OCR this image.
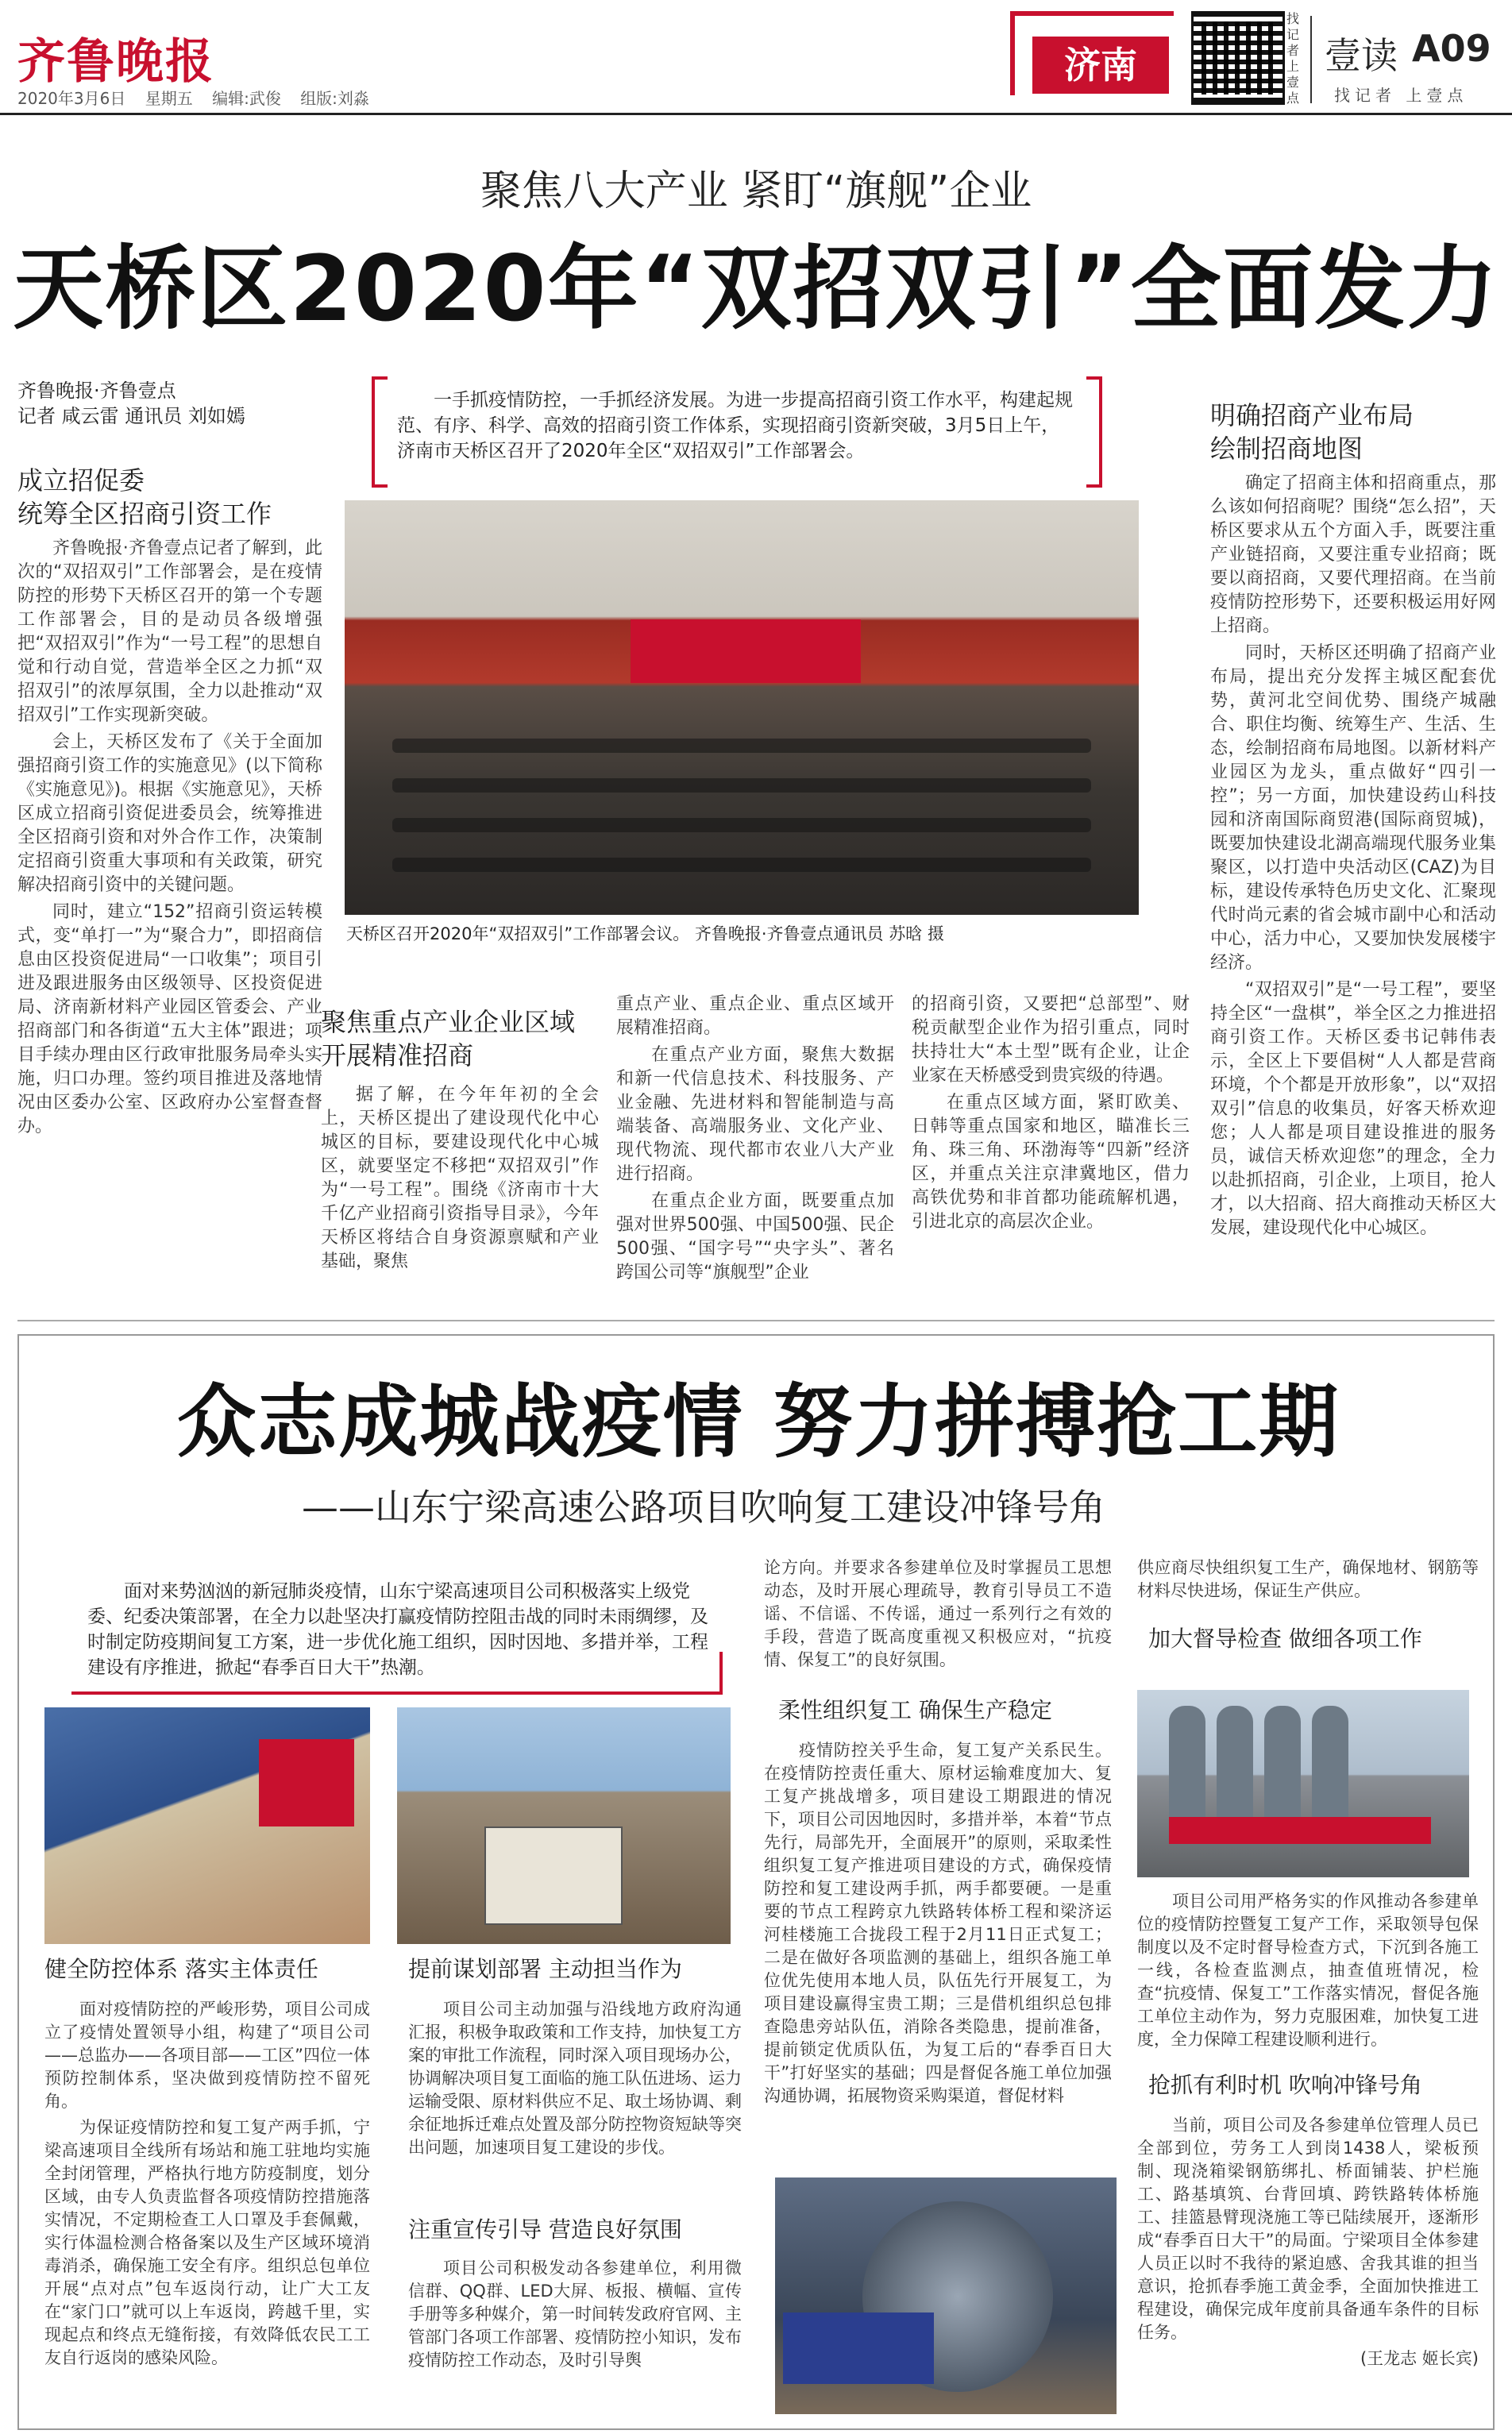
齐鲁晚报
2020年3月6日 星期五 编辑:武俊 组版:刘淼
济南
找记者上壹点
壹读 A09
找记者 上壹点
聚焦八大产业 紧盯“旗舰”企业
天桥区2020年“双招双引”全面发力
齐鲁晚报·齐鲁壹点
记者 咸云雷 通讯员 刘如嫣
一手抓疫情防控，一手抓经济发展。为进一步提高招商引资工作水平，构建起规范、有序、科学、高效的招商引资工作体系，实现招商引资新突破，3月5日上午，济南市天桥区召开了2020年全区“双招双引”工作部署会。
成立招促委
统筹全区招商引资工作

齐鲁晚报·齐鲁壹点记者了解到，此次的“双招双引”工作部署会，是在疫情防控的形势下天桥区召开的第一个专题工作部署会，目的是动员各级增强把“双招双引”作为“一号工程”的思想自觉和行动自觉，营造举全区之力抓“双招双引”的浓厚氛围，全力以赴推动“双招双引”工作实现新突破。

会上，天桥区发布了《关于全面加强招商引资工作的实施意见》(以下简称《实施意见》)。根据《实施意见》，天桥区成立招商引资促进委员会，统筹推进全区招商引资和对外合作工作，决策制定招商引资重大事项和有关政策，研究解决招商引资中的关键问题。

同时，建立“152”招商引资运转模式，变“单打一”为“聚合力”，即招商信息由区投资促进局“一口收集”；项目引进及跟进服务由区级领导、区投资促进局、济南新材料产业园区管委会、产业招商部门和各街道“五大主体”跟进；项目手续办理由区行政审批服务局牵头实施，归口办理。签约项目推进及落地情况由区委办公室、区政府办公室督查督办。

天桥区召开2020年“双招双引”工作部署会议。 齐鲁晚报·齐鲁壹点通讯员 苏晗 摄
聚焦重点产业企业区域
开展精准招商

据了解，在今年年初的全会上，天桥区提出了建设现代化中心城区的目标，要建设现代化中心城区，就要坚定不移把“双招双引”作为“一号工程”。围绕《济南市十大千亿产业招商引资指导目录》，今年天桥区将结合自身资源禀赋和产业基础，聚焦

重点产业、重点企业、重点区域开展精准招商。

在重点产业方面，聚焦大数据和新一代信息技术、科技服务、产业金融、先进材料和智能制造与高端装备、高端服务业、文化产业、现代物流、现代都市农业八大产业进行招商。

在重点企业方面，既要重点加强对世界500强、中国500强、民企500强、“国字号”“央字头”、著名跨国公司等“旗舰型”企业

的招商引资，又要把“总部型”、财税贡献型企业作为招引重点，同时扶持壮大“本土型”既有企业，让企业家在天桥感受到贵宾级的待遇。

在重点区域方面，紧盯欧美、日韩等重点国家和地区，瞄准长三角、珠三角、环渤海等“四新”经济区，并重点关注京津冀地区，借力高铁优势和非首都功能疏解机遇，引进北京的高层次企业。

明确招商产业布局
绘制招商地图

确定了招商主体和招商重点，那么该如何招商呢？围绕“怎么招”，天桥区要求从五个方面入手，既要注重产业链招商，又要注重专业招商；既要以商招商，又要代理招商。在当前疫情防控形势下，还要积极运用好网上招商。

同时，天桥区还明确了招商产业布局，提出充分发挥主城区配套优势，黄河北空间优势、围绕产城融合、职住均衡、统筹生产、生活、生态，绘制招商布局地图。以新材料产业园区为龙头，重点做好“四引一控”；另一方面，加快建设药山科技园和济南国际商贸港(国际商贸城)，既要加快建设北湖高端现代服务业集聚区，以打造中央活动区(CAZ)为目标，建设传承特色历史文化、汇聚现代时尚元素的省会城市副中心和活动中心，活力中心，又要加快发展楼宇经济。

“双招双引”是“一号工程”，要坚持全区“一盘棋”，举全区之力推进招商引资工作。天桥区委书记韩伟表示，全区上下要倡树“人人都是营商环境，个个都是开放形象”，以“双招双引”信息的收集员，好客天桥欢迎您；人人都是项目建设推进的服务员，诚信天桥欢迎您”的理念，全力以赴抓招商，引企业，上项目，抢人才，以大招商、招大商推动天桥区大发展，建设现代化中心城区。

众志成城战疫情 努力拼搏抢工期
——山东宁梁高速公路项目吹响复工建设冲锋号角
面对来势汹汹的新冠肺炎疫情，山东宁梁高速项目公司积极落实上级党委、纪委决策部署，在全力以赴坚决打赢疫情防控阻击战的同时未雨绸缪，及时制定防疫期间复工方案，进一步优化施工组织，因时因地、多措并举，工程建设有序推进，掀起“春季百日大干”热潮。
健全防控体系 落实主体责任

面对疫情防控的严峻形势，项目公司成立了疫情处置领导小组，构建了“项目公司——总监办——各项目部——工区”四位一体预防控制体系，坚决做到疫情防控不留死角。

为保证疫情防控和复工复产两手抓，宁梁高速项目全线所有场站和施工驻地均实施全封闭管理，严格执行地方防疫制度，划分区域，由专人负责监督各项疫情防控措施落实情况，不定期检查工人口罩及手套佩戴，实行体温检测合格备案以及生产区域环境消毒消杀，确保施工安全有序。组织总包单位开展“点对点”包车返岗行动，让广大工友在“家门口”就可以上车返岗，跨越千里，实现起点和终点无缝衔接，有效降低农民工工友自行返岗的感染风险。

提前谋划部署 主动担当作为

项目公司主动加强与沿线地方政府沟通汇报，积极争取政策和工作支持，加快复工方案的审批工作流程，同时深入项目现场办公，协调解决项目复工面临的施工队伍进场、运力运输受限、原材料供应不足、取土场协调、剩余征地拆迁难点处置及部分防控物资短缺等突出问题，加速项目复工建设的步伐。

注重宣传引导 营造良好氛围

项目公司积极发动各参建单位，利用微信群、QQ群、LED大屏、板报、横幅、宣传手册等多种媒介，第一时间转发政府官网、主管部门各项工作部署、疫情防控小知识，发布疫情防控工作动态，及时引导舆

论方向。并要求各参建单位及时掌握员工思想动态，及时开展心理疏导，教育引导员工不造谣、不信谣、不传谣，通过一系列行之有效的手段，营造了既高度重视又积极应对，“抗疫情、保复工”的良好氛围。

柔性组织复工 确保生产稳定

疫情防控关乎生命，复工复产关系民生。在疫情防控责任重大、原材运输难度加大、复工复产挑战增多，项目建设工期跟进的情况下，项目公司因地因时，多措并举，本着“节点先行，局部先开，全面展开”的原则，采取柔性组织复工复产推进项目建设的方式，确保疫情防控和复工建设两手抓，两手都要硬。一是重要的节点工程跨京九铁路转体桥工程和梁济运河桂楼施工合拢段工程于2月11日正式复工；二是在做好各项监测的基础上，组织各施工单位优先使用本地人员，队伍先行开展复工，为项目建设赢得宝贵工期；三是借机组织总包排查隐患旁站队伍，消除各类隐患，提前准备，提前锁定优质队伍，为复工后的“春季百日大干”打好坚实的基础；四是督促各施工单位加强沟通协调，拓展物资采购渠道，督促材料

供应商尽快组织复工生产，确保地材、钢筋等材料尽快进场，保证生产供应。

加大督导检查 做细各项工作

项目公司用严格务实的作风推动各参建单位的疫情防控暨复工复产工作，采取领导包保制度以及不定时督导检查方式，下沉到各施工一线，各检查监测点，抽查值班情况，检查“抗疫情、保复工”工作落实情况，督促各施工单位主动作为，努力克服困难，加快复工进度，全力保障工程建设顺利进行。

抢抓有利时机 吹响冲锋号角

当前，项目公司及各参建单位管理人员已全部到位，劳务工人到岗1438人，梁板预制、现浇箱梁钢筋绑扎、桥面铺装、护栏施工、路基填筑、台背回填、跨铁路转体桥施工、挂篮悬臂现浇施工等已陆续展开，逐渐形成“春季百日大干”的局面。宁梁项目全体参建人员正以时不我待的紧迫感、舍我其谁的担当意识，抢抓春季施工黄金季，全面加快推进工程建设，确保完成年度前具备通车条件的目标任务。

(王龙志 姬长宾)
